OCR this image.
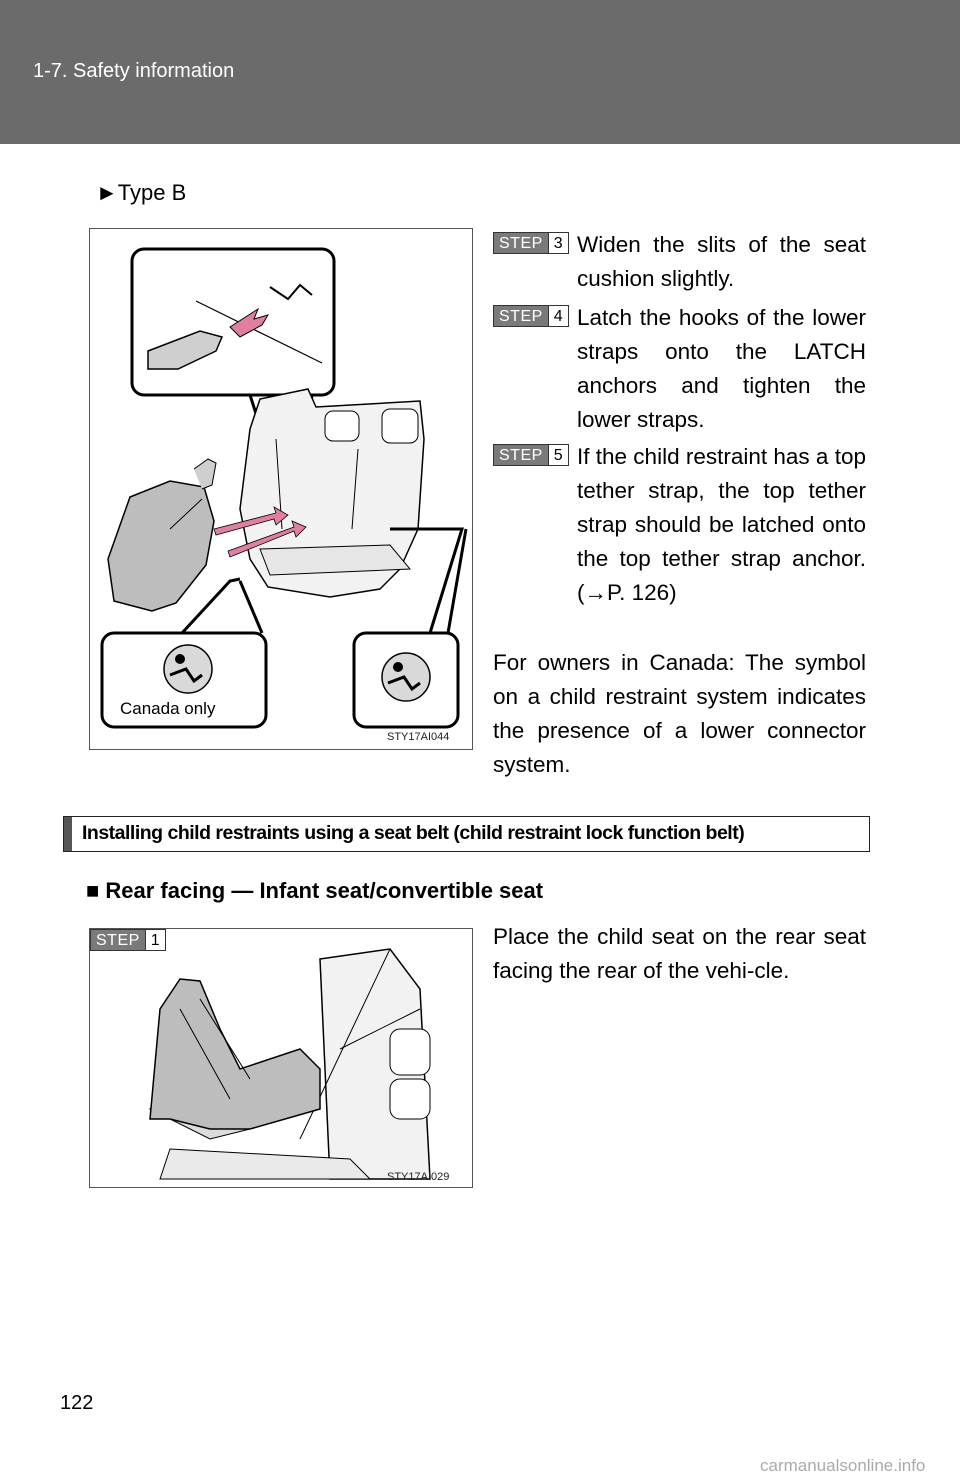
1-7. Safety information
►Type B
Canada only
STY17AI044
STEP 3 Widen the slits of the seat cushion slightly.
STEP 4 Latch the hooks of the lower straps onto the LATCH anchors and tighten the lower straps.
STEP 5 If the child restraint has a top tether strap, the top tether strap should be latched onto the top tether strap anchor. (→P. 126)
For owners in Canada: The symbol on a child restraint system indicates the presence of a lower connector system.
Installing child restraints using a seat belt (child restraint lock function belt)
■ Rear facing — Infant seat/convertible seat
STEP 1
STY17AI029
Place the child seat on the rear seat facing the rear of the vehi-cle.
122
carmanualsonline.info
